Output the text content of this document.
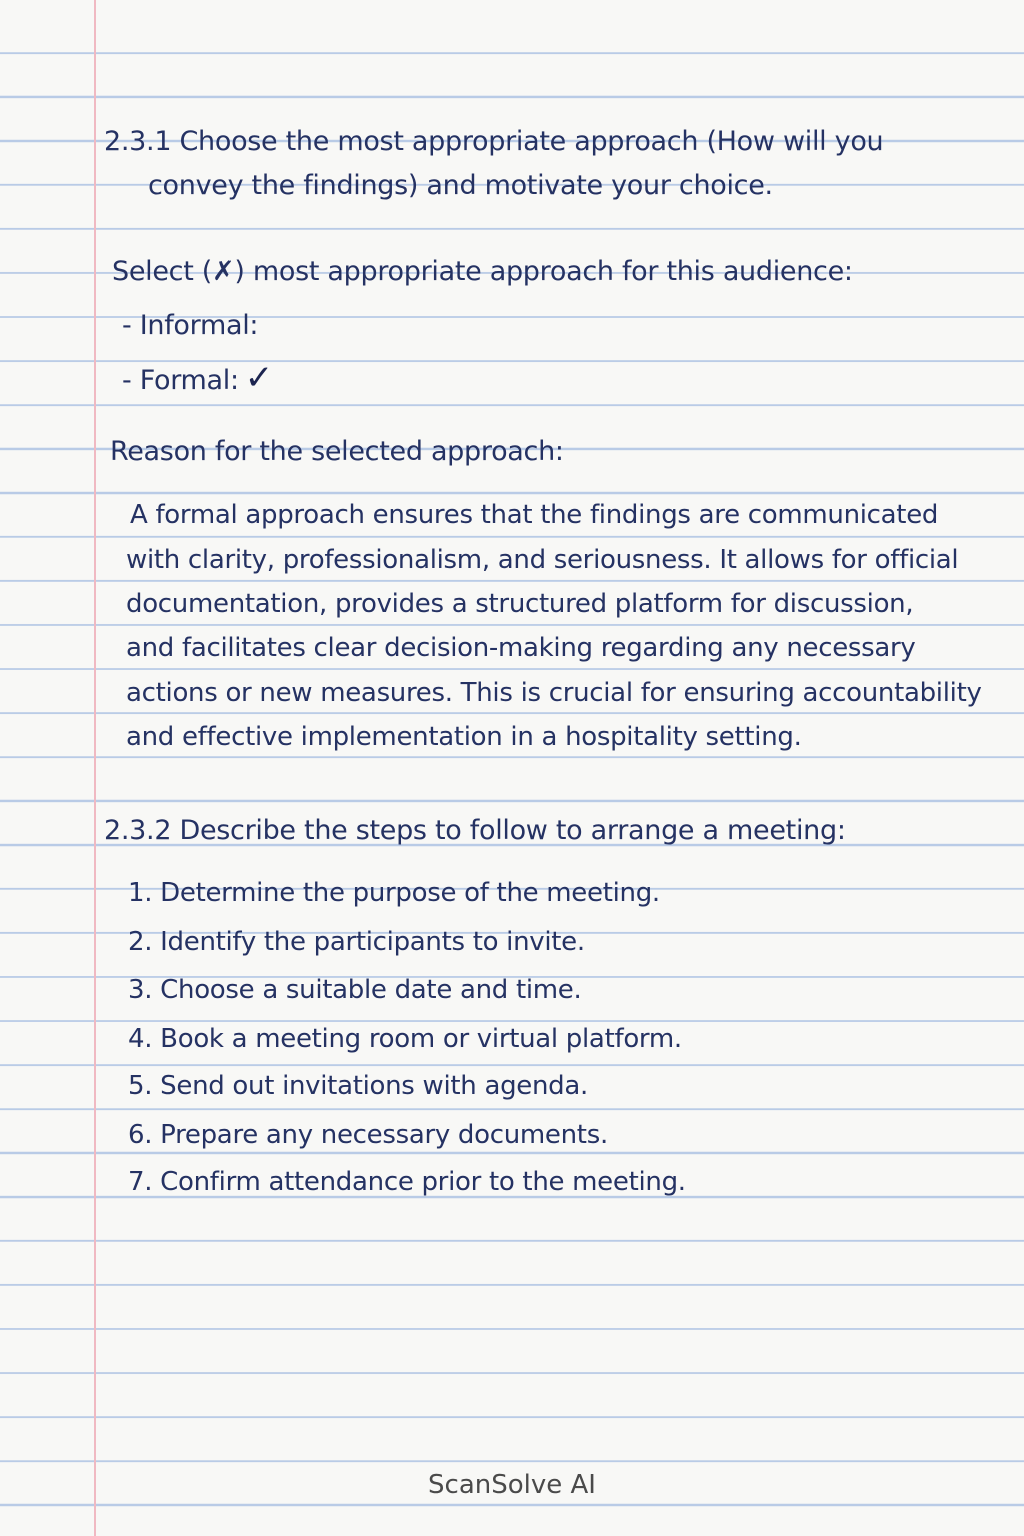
2.3.1 Choose the most appropriate approach (How will you
convey the findings) and motivate your choice.
Select (✗) most appropriate approach for this audience:
- Informal:
- Formal: ✓
Reason for the selected approach:
A formal approach ensures that the findings are communicated
with clarity, professionalism, and seriousness. It allows for official
documentation, provides a structured platform for discussion,
and facilitates clear decision-making regarding any necessary
actions or new measures. This is crucial for ensuring accountability
and effective implementation in a hospitality setting.
2.3.2 Describe the steps to follow to arrange a meeting:
1. Determine the purpose of the meeting.
2. Identify the participants to invite.
3. Choose a suitable date and time.
4. Book a meeting room or virtual platform.
5. Send out invitations with agenda.
6. Prepare any necessary documents.
7. Confirm attendance prior to the meeting.
ScanSolve AI
